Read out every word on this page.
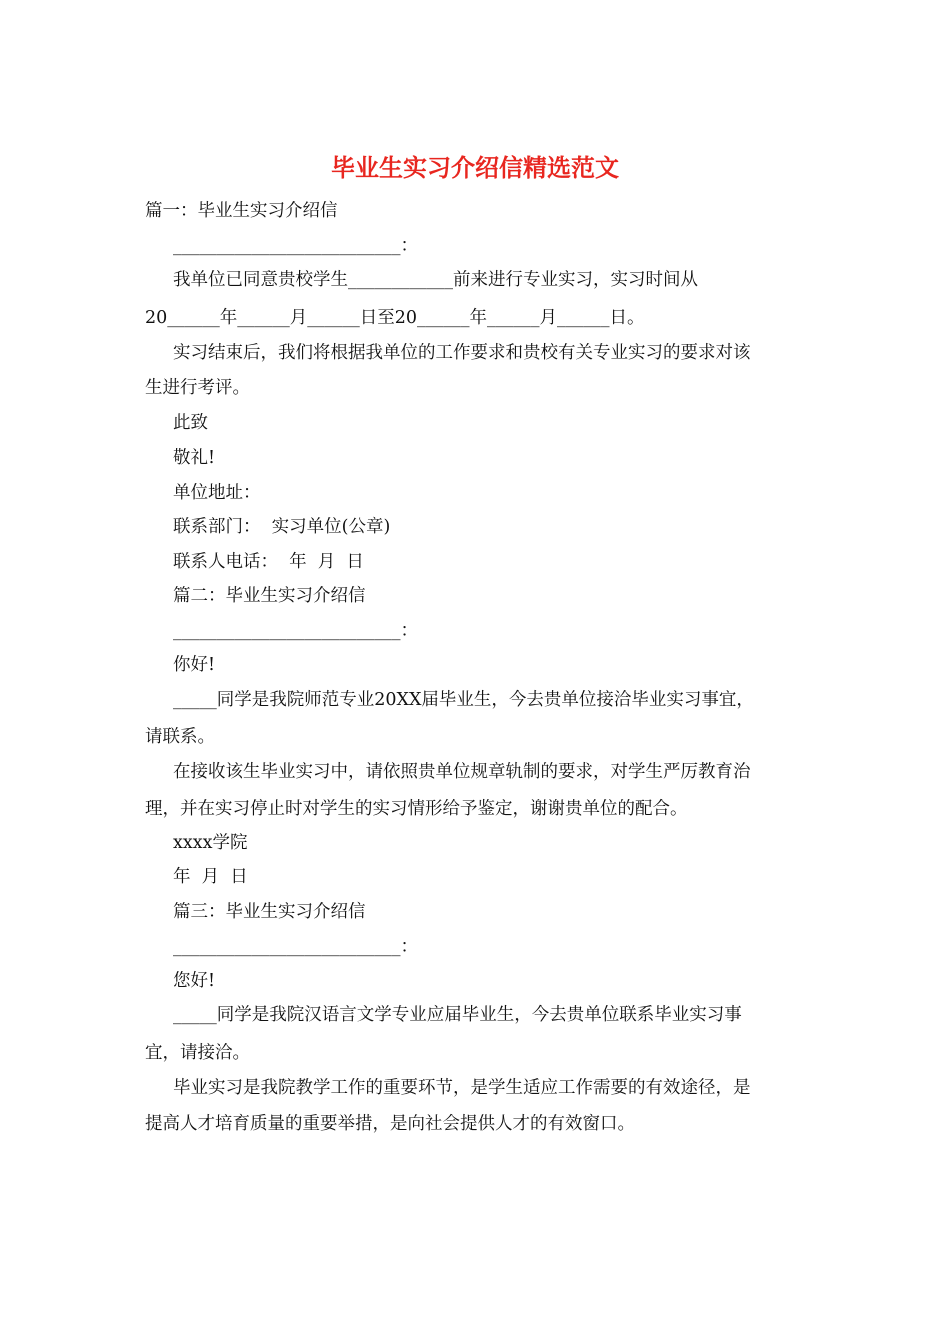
毕业生实习介绍信精选范文

篇一：毕业生实习介绍信

__________________________：

我单位已同意贵校学生____________前来进行专业实习，实习时间从

20______年______月______日至20______年______月______日。

实习结束后，我们将根据我单位的工作要求和贵校有关专业实习的要求对该

生进行考评。

此致

敬礼!

单位地址：

联系部门：  实习单位(公章)

联系人电话：  年  月  日

篇二：毕业生实习介绍信

__________________________：

你好!

_____同学是我院师范专业20XX届毕业生，今去贵单位接洽毕业实习事宜，

请联系。

在接收该生毕业实习中，请依照贵单位规章轨制的要求，对学生严厉教育治

理，并在实习停止时对学生的实习情形给予鉴定，谢谢贵单位的配合。

xxxx学院

年  月  日

篇三：毕业生实习介绍信

__________________________：

您好!

_____同学是我院汉语言文学专业应届毕业生，今去贵单位联系毕业实习事

宜，请接洽。

毕业实习是我院教学工作的重要环节，是学生适应工作需要的有效途径，是

提高人才培育质量的重要举措，是向社会提供人才的有效窗口。
